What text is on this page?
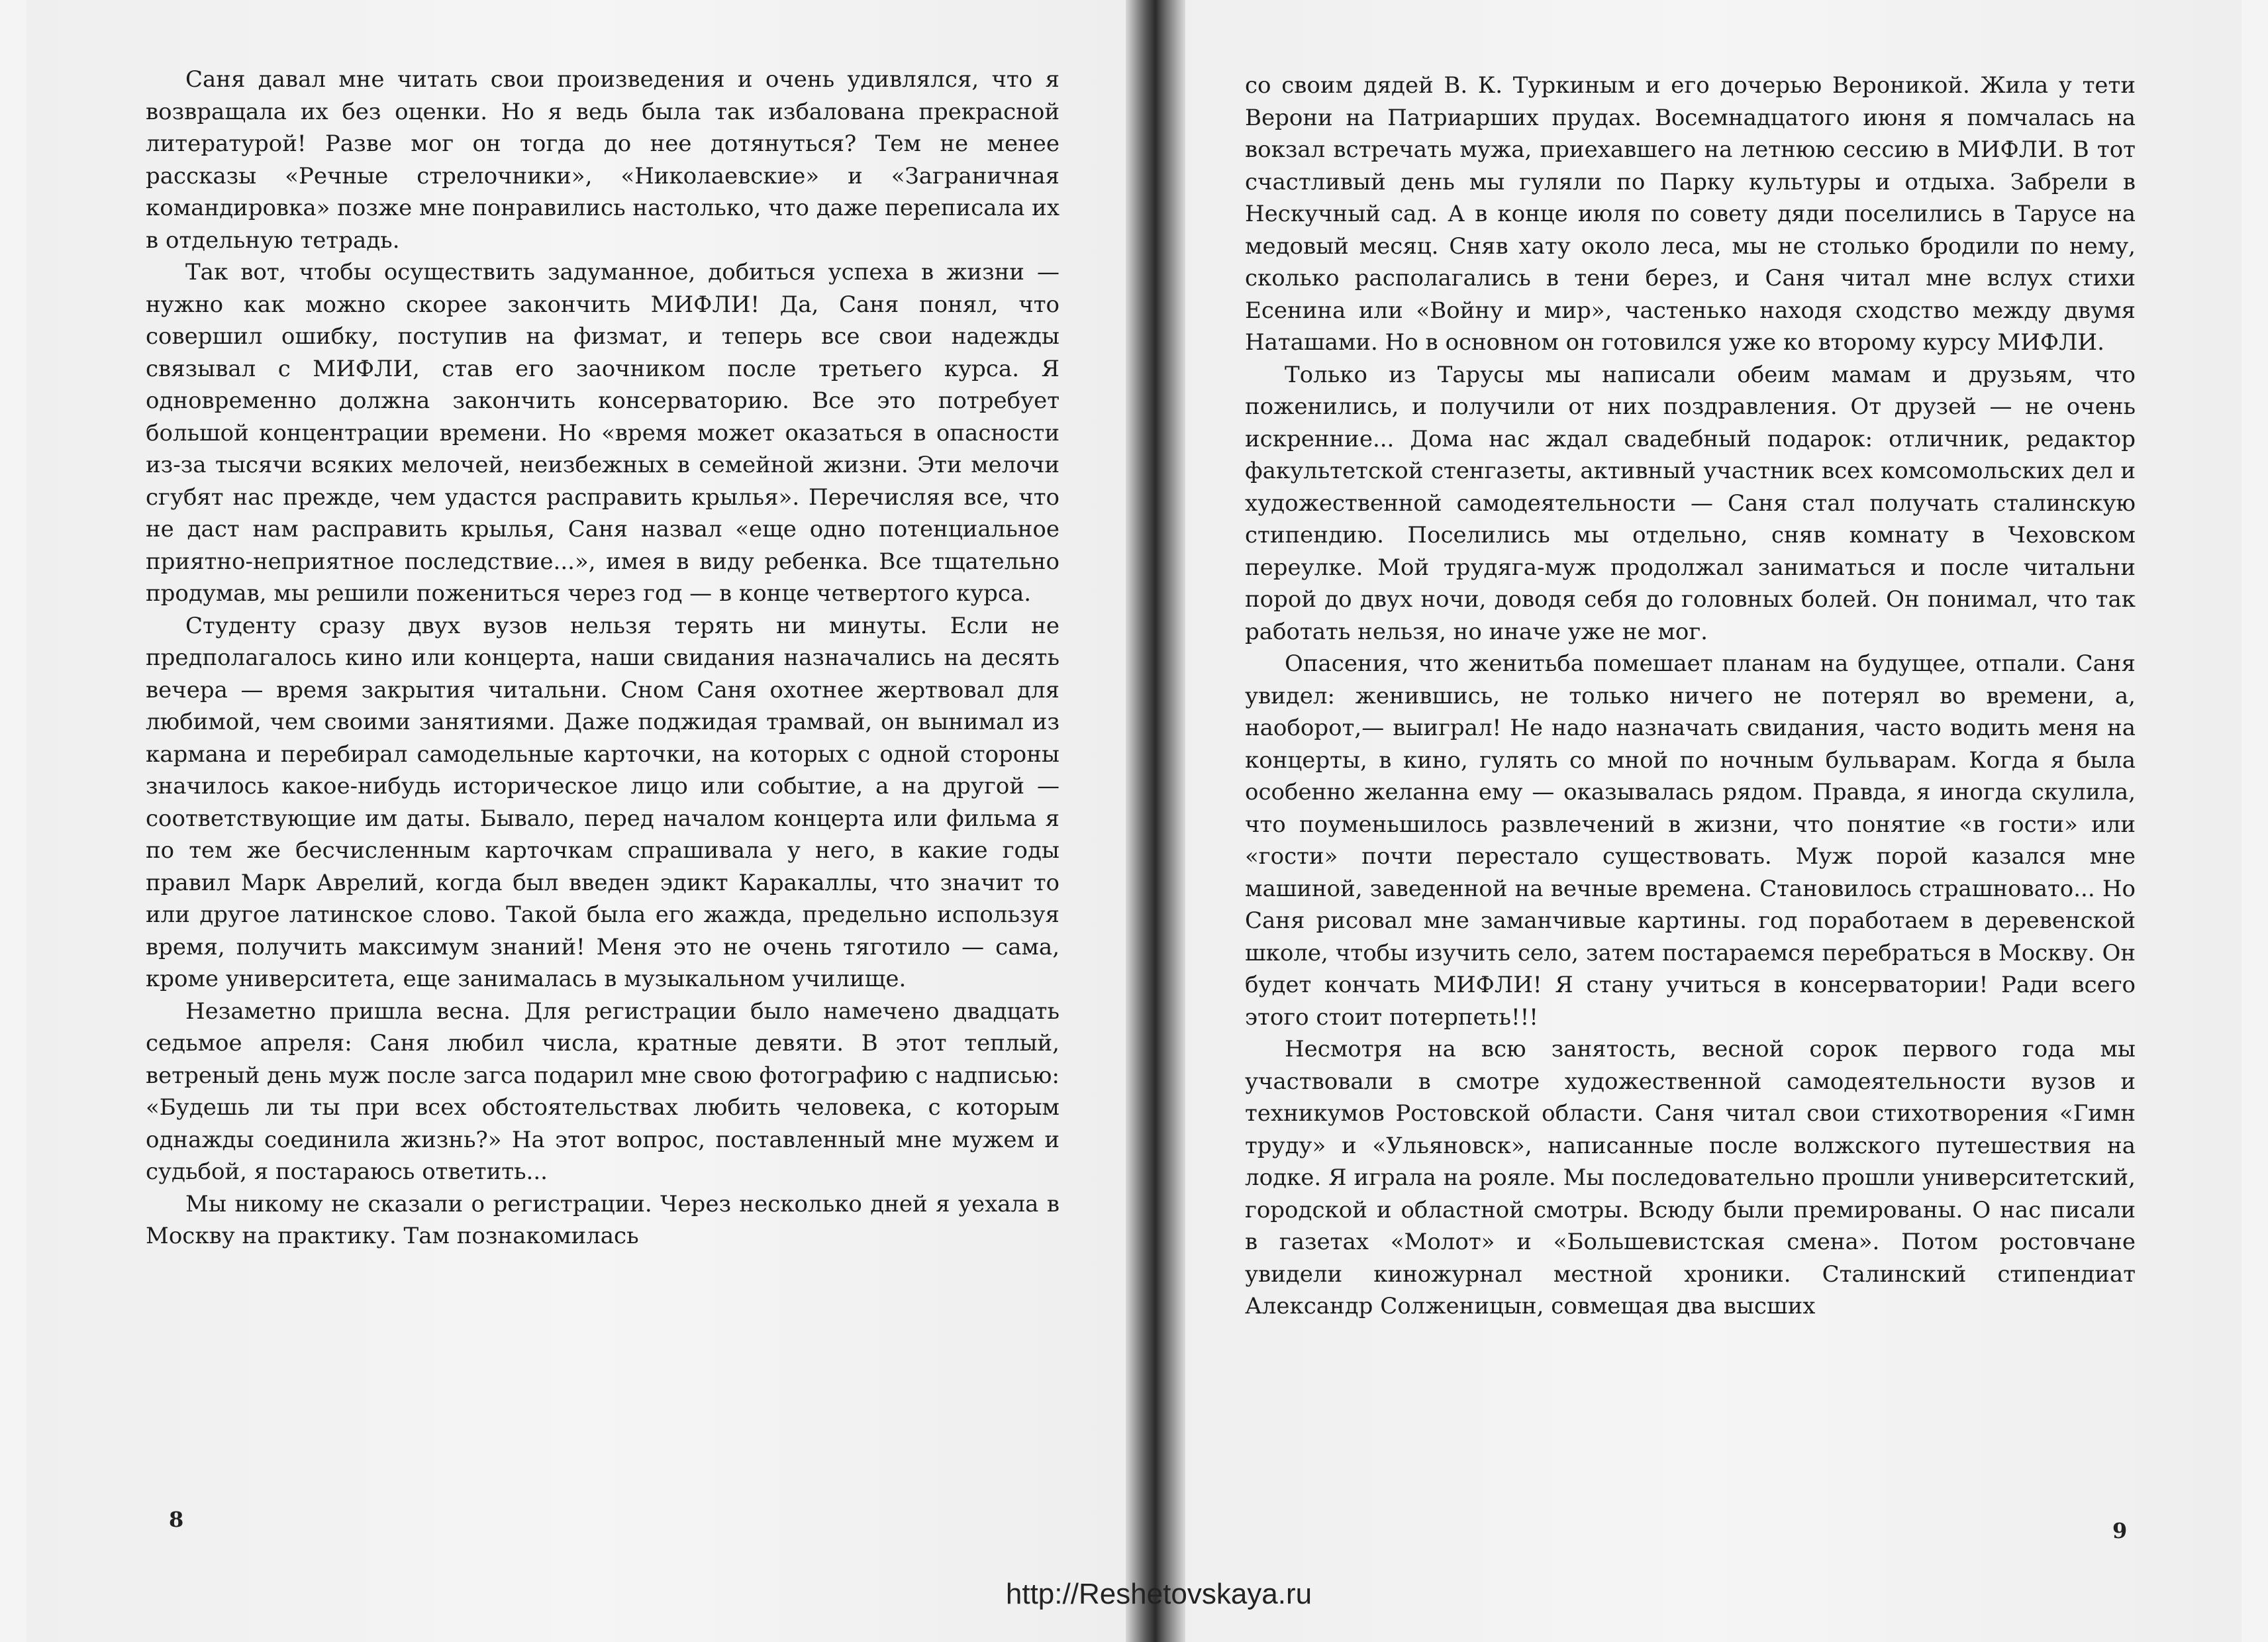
Саня давал мне читать свои произведения и очень удивлялся, что я возвращала их без оценки. Но я ведь была так избалована прекрасной литературой! Разве мог он тогда до нее дотянуться? Тем не менее рассказы «Речные стрелочники», «Николаевские» и «Заграничная командировка» позже мне понравились настолько, что даже переписала их в отдельную тетрадь.

Так вот, чтобы осуществить задуманное, добиться успеха в жизни — нужно как можно скорее закончить МИФЛИ! Да, Саня понял, что совершил ошибку, поступив на физмат, и теперь все свои надежды связывал с МИФЛИ, став его заочником после третьего курса. Я одновременно должна закончить консерваторию. Все это потребует большой концентрации времени. Но «время может оказаться в опасности из-за тысячи всяких мелочей, неизбежных в семейной жизни. Эти мелочи сгубят нас прежде, чем удастся расправить крылья». Перечисляя все, что не даст нам расправить крылья, Саня назвал «еще одно потенциальное приятно-неприятное последствие...», имея в виду ребенка. Все тщательно продумав, мы решили пожениться через год — в конце четвертого курса.

Студенту сразу двух вузов нельзя терять ни минуты. Если не предполагалось кино или концерта, наши свидания назначались на десять вечера — время закрытия читальни. Сном Саня охотнее жертвовал для любимой, чем своими занятиями. Даже поджидая трамвай, он вынимал из кармана и перебирал самодельные карточки, на которых с одной стороны значилось какое-нибудь историческое лицо или событие, а на другой — соответствующие им даты. Бывало, перед началом концерта или фильма я по тем же бесчисленным карточкам спрашивала у него, в какие годы правил Марк Аврелий, когда был введен эдикт Каракаллы, что значит то или другое латинское слово. Такой была его жажда, предельно используя время, получить максимум знаний! Меня это не очень тяготило — сама, кроме университета, еще занималась в музыкальном училище.

Незаметно пришла весна. Для регистрации было намечено двадцать седьмое апреля: Саня любил числа, кратные девяти. В этот теплый, ветреный день муж после загса подарил мне свою фотографию с надписью: «Будешь ли ты при всех обстоятельствах любить человека, с которым однажды соединила жизнь?» На этот вопрос, поставленный мне мужем и судьбой, я постараюсь ответить...

Мы никому не сказали о регистрации. Через несколько дней я уехала в Москву на практику. Там познакомилась

8

со своим дядей В. К. Туркиным и его дочерью Вероникой. Жила у тети Верони на Патриарших прудах. Восемнадцатого июня я помчалась на вокзал встречать мужа, приехавшего на летнюю сессию в МИФЛИ. В тот счастливый день мы гуляли по Парку культуры и отдыха. Забрели в Нескучный сад. А в конце июля по совету дяди поселились в Тарусе на медовый месяц. Сняв хату около леса, мы не столько бродили по нему, сколько располагались в тени берез, и Саня читал мне вслух стихи Есенина или «Войну и мир», частенько находя сходство между двумя Наташами. Но в основном он готовился уже ко второму курсу МИФЛИ.

Только из Тарусы мы написали обеим мамам и друзьям, что поженились, и получили от них поздравления. От друзей — не очень искренние... Дома нас ждал свадебный подарок: отличник, редактор факультетской стенгазеты, активный участник всех комсомольских дел и художественной самодеятельности — Саня стал получать сталинскую стипендию. Поселились мы отдельно, сняв комнату в Чеховском переулке. Мой трудяга-муж продолжал заниматься и после читальни порой до двух ночи, доводя себя до головных болей. Он понимал, что так работать нельзя, но иначе уже не мог.

Опасения, что женитьба помешает планам на будущее, отпали. Саня увидел: женившись, не только ничего не потерял во времени, а, наоборот,— выиграл! Не надо назначать свидания, часто водить меня на концерты, в кино, гулять со мной по ночным бульварам. Когда я была особенно желанна ему — оказывалась рядом. Правда, я иногда скулила, что поуменьшилось развлечений в жизни, что понятие «в гости» или «гости» почти перестало существовать. Муж порой казался мне машиной, заведенной на вечные времена. Становилось страшновато... Но Саня рисовал мне заманчивые картины. год поработаем в деревенской школе, чтобы изучить село, затем постараемся перебраться в Москву. Он будет кончать МИФЛИ! Я стану учиться в консерватории! Ради всего этого стоит потерпеть!!!

Несмотря на всю занятость, весной сорок первого года мы участвовали в смотре художественной самодеятельности вузов и техникумов Ростовской области. Саня читал свои стихотворения «Гимн труду» и «Ульяновск», написанные после волжского путешествия на лодке. Я играла на рояле. Мы последовательно прошли университетский, городской и областной смотры. Всюду были премированы. О нас писали в газетах «Молот» и «Большевистская смена». Потом ростовчане увидели киножурнал местной хроники. Сталинский стипендиат Александр Солженицын, совмещая два высших

9
http://Reshetovskaya.ru
